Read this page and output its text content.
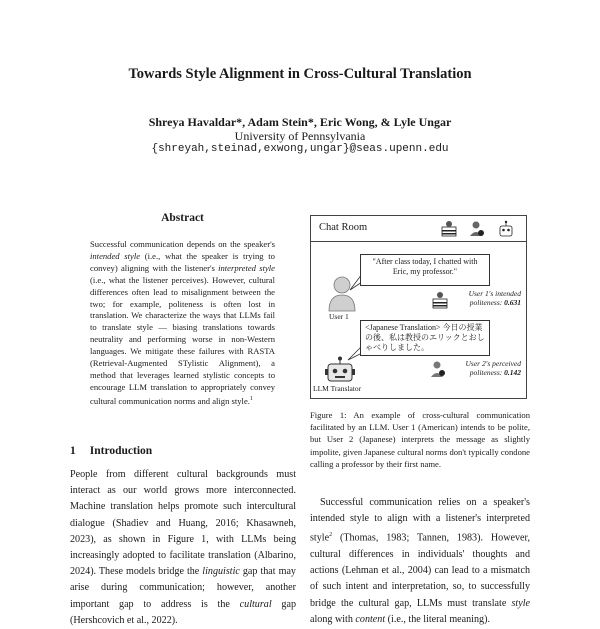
Towards Style Alignment in Cross-Cultural Translation
Shreya Havaldar*, Adam Stein*, Eric Wong, & Lyle Ungar
University of Pennsylvania
{shreyah,steinad,exwong,ungar}@seas.upenn.edu
Abstract
Successful communication depends on the speaker's intended style (i.e., what the speaker is trying to convey) aligning with the listener's interpreted style (i.e., what the listener perceives). However, cultural differences often lead to misalignment between the two; for example, politeness is often lost in translation. We characterize the ways that LLMs fail to translate style — biasing translations towards neutrality and performing worse in non-Western languages. We mitigate these failures with RASTA (Retrieval-Augmented STylistic Alignment), a method that leverages learned stylistic concepts to encourage LLM translation to appropriately convey cultural communication norms and align style.$^1$
1 Introduction
People from different cultural backgrounds must interact as our world grows more interconnected. Machine translation helps promote such intercultural dialogue (Shadiev and Huang, 2016; Khasawneh, 2023), as shown in Figure 1, with LLMs being increasingly adopted to facilitate translation (Albarino, 2024). These models bridge the linguistic gap that may arise during communication; however, another important gap to address is the cultural gap (Hershcovich et al., 2022).
Chat Room
User 1
"After class today, I chatted with Eric, my professor."
User 1's intended politeness: 0.631
LLM Translator
<Japanese Translation> 今日の授業の後、私は教授のエリックとおしゃべりしました。
User 2's perceived politeness: 0.142
Figure 1: An example of cross-cultural communication facilitated by an LLM. User 1 (American) intends to be polite, but User 2 (Japanese) interprets the message as slightly impolite, given Japanese cultural norms don't typically condone calling a professor by their first name.
Successful communication relies on a speaker's intended style to align with a listener's interpreted style$^2$ (Thomas, 1983; Tannen, 1983). However, cultural differences in individuals' thoughts and actions (Lehman et al., 2004) can lead to a mismatch of such intent and interpretation, so, to successfully bridge the cultural gap, LLMs must translate style along with content (i.e., the literal meaning).
